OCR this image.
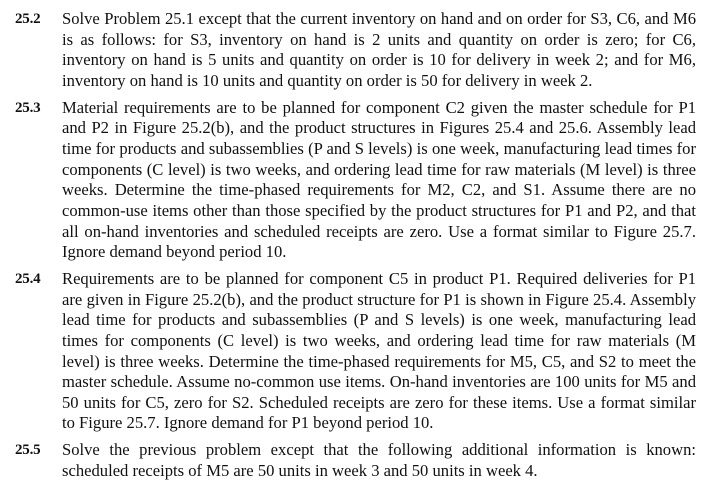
25.2	Solve Problem 25.1 except that the current inventory on hand and on order for S3, C6, and M6 is as follows: for S3, inventory on hand is 2 units and quantity on order is zero; for C6, inventory on hand is 5 units and quantity on order is 10 for delivery in week 2; and for M6, inventory on hand is 10 units and quantity on order is 50 for delivery in week 2.
25.3	Material requirements are to be planned for component C2 given the master schedule for P1 and P2 in Figure 25.2(b), and the product structures in Figures 25.4 and 25.6. Assembly lead time for products and subassemblies (P and S levels) is one week, manufacturing lead times for components (C level) is two weeks, and ordering lead time for raw materials (M level) is three weeks. Determine the time-phased requirements for M2, C2, and S1. Assume there are no common-use items other than those specified by the product structures for P1 and P2, and that all on-hand inventories and scheduled receipts are zero. Use a format similar to Figure 25.7. Ignore demand beyond period 10.
25.4	Requirements are to be planned for component C5 in product P1. Required deliveries for P1 are given in Figure 25.2(b), and the product structure for P1 is shown in Figure 25.4. Assembly lead time for products and subassemblies (P and S levels) is one week, manufacturing lead times for components (C level) is two weeks, and ordering lead time for raw materials (M level) is three weeks. Determine the time-phased requirements for M5, C5, and S2 to meet the master schedule. Assume no-common use items. On-hand inventories are 100 units for M5 and 50 units for C5, zero for S2. Scheduled receipts are zero for these items. Use a format similar to Figure 25.7. Ignore demand for P1 beyond period 10.
25.5	Solve the previous problem except that the following additional information is known: scheduled receipts of M5 are 50 units in week 3 and 50 units in week 4.
